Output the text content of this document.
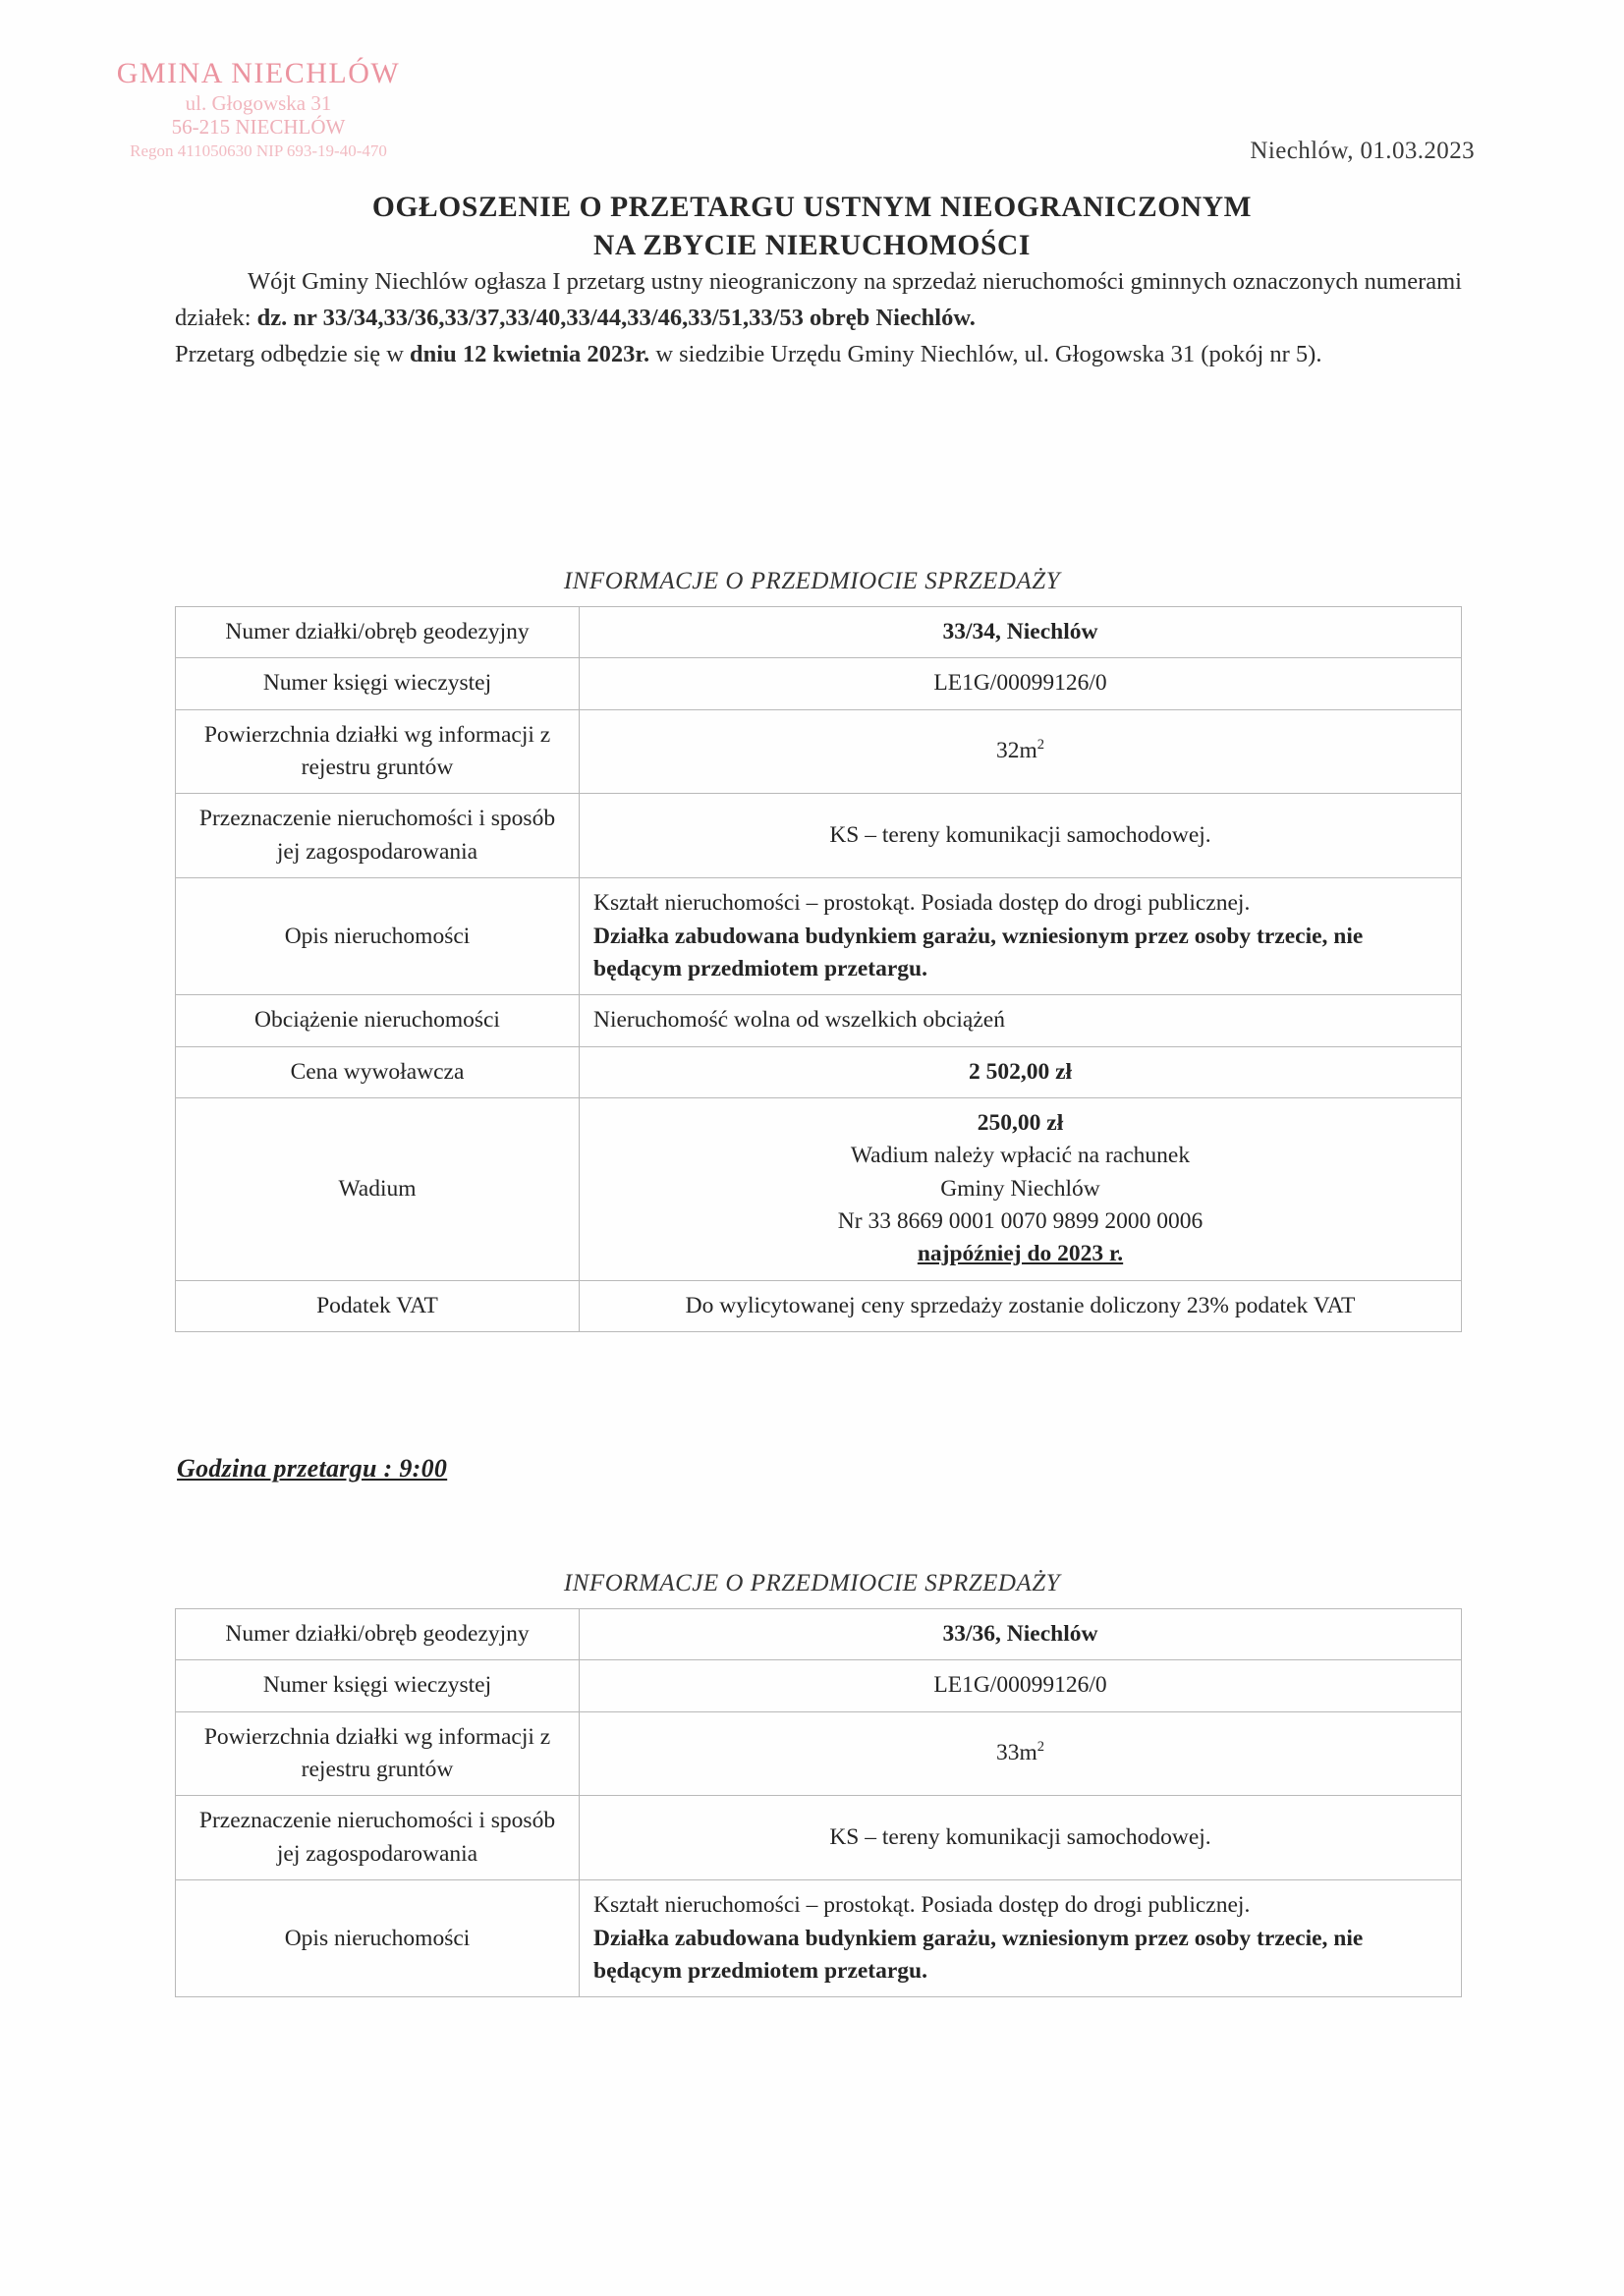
GMINA NIECHLÓW
ul. Głogowska 31
56-215 NIECHLÓW
Regon 411050630 NIP 693-19-40-470	Niechlów, 01.03.2023
OGŁOSZENIE O PRZETARGU USTNYM NIEOGRANICZONYM
NA ZBYCIE NIERUCHOMOŚCI

Wójt Gminy Niechlów ogłasza I przetarg ustny nieograniczony na sprzedaż nieruchomości gminnych oznaczonych numerami działek: dz. nr 33/34,33/36,33/37,33/40,33/44,33/46,33/51,33/53 obręb Niechlów.

Przetarg odbędzie się w dniu 12 kwietnia 2023r. w siedzibie Urzędu Gminy Niechlów, ul. Głogowska 31 (pokój nr 5).

INFORMACJE O PRZEDMIOCIE SPRZEDAŻY
Numer działki/obręb geodezyjny	33/34, Niechlów
Numer księgi wieczystej	LE1G/00099126/0
Powierzchnia działki wg informacji z rejestru gruntów	$32m^2$
Przeznaczenie nieruchomości i sposób jej zagospodarowania	KS – tereny komunikacji samochodowej.
Opis nieruchomości	Kształt nieruchomości – prostokąt. Posiada dostęp do drogi publicznej.
Działka zabudowana budynkiem garażu, wzniesionym przez osoby trzecie, nie będącym przedmiotem przetargu.

Obciążenie nieruchomości	Nieruchomość wolna od wszelkich obciążeń
Cena wywoławcza	2 502,00 zł
Wadium	250,00 zł
Wadium należy wpłacić na rachunek
Gminy Niechlów
Nr 33 8669 0001 0070 9899 2000 0006
najpóźniej do 2023 r.

Podatek VAT	Do wylicytowanej ceny sprzedaży zostanie doliczony 23% podatek VAT
Godzina przetargu : 9:00
INFORMACJE O PRZEDMIOCIE SPRZEDAŻY
Numer działki/obręb geodezyjny	33/36, Niechlów
Numer księgi wieczystej	LE1G/00099126/0
Powierzchnia działki wg informacji z rejestru gruntów	$33m^2$
Przeznaczenie nieruchomości i sposób jej zagospodarowania	KS – tereny komunikacji samochodowej.
Opis nieruchomości	Kształt nieruchomości – prostokąt. Posiada dostęp do drogi publicznej.
Działka zabudowana budynkiem garażu, wzniesionym przez osoby trzecie, nie będącym przedmiotem przetargu.
